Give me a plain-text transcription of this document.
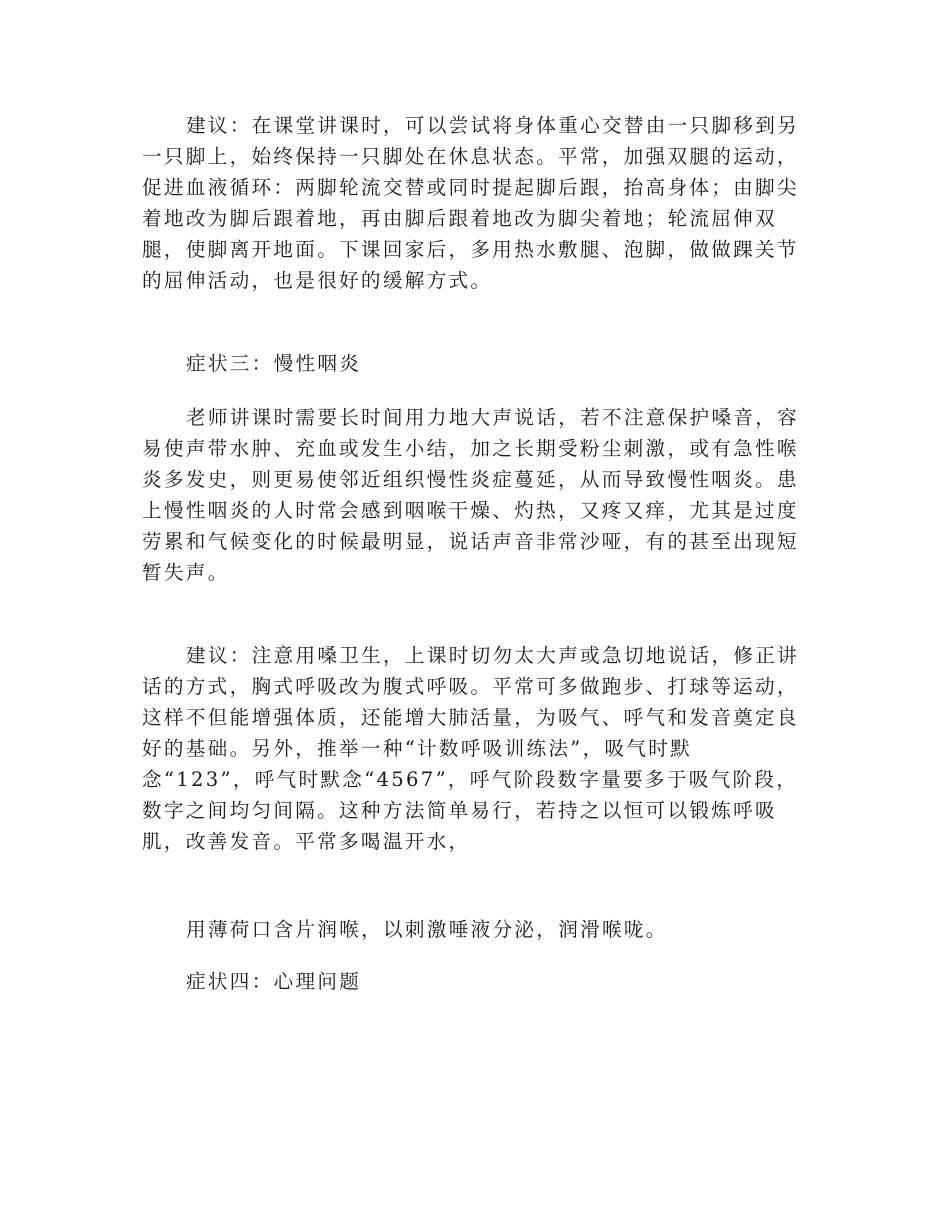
建议：在课堂讲课时，可以尝试将身体重心交替由一只脚移到另
一只脚上，始终保持一只脚处在休息状态。平常，加强双腿的运动，
促进血液循环：两脚轮流交替或同时提起脚后跟，抬高身体；由脚尖
着地改为脚后跟着地，再由脚后跟着地改为脚尖着地；轮流屈伸双
腿，使脚离开地面。下课回家后，多用热水敷腿、泡脚，做做踝关节
的屈伸活动，也是很好的缓解方式。

症状三：慢性咽炎

老师讲课时需要长时间用力地大声说话，若不注意保护嗓音，容
易使声带水肿、充血或发生小结，加之长期受粉尘刺激，或有急性喉
炎多发史，则更易使邻近组织慢性炎症蔓延，从而导致慢性咽炎。患
上慢性咽炎的人时常会感到咽喉干燥、灼热，又疼又痒，尤其是过度
劳累和气候变化的时候最明显，说话声音非常沙哑，有的甚至出现短
暂失声。

建议：注意用嗓卫生，上课时切勿太大声或急切地说话，修正讲
话的方式，胸式呼吸改为腹式呼吸。平常可多做跑步、打球等运动，
这样不但能增强体质，还能增大肺活量，为吸气、呼气和发音奠定良
好的基础。另外，推举一种“计数呼吸训练法”，吸气时默
念“123”，呼气时默念“4567”，呼气阶段数字量要多于吸气阶段，
数字之间均匀间隔。这种方法简单易行，若持之以恒可以锻炼呼吸
肌，改善发音。平常多喝温开水，

用薄荷口含片润喉，以刺激唾液分泌，润滑喉咙。

症状四：心理问题
